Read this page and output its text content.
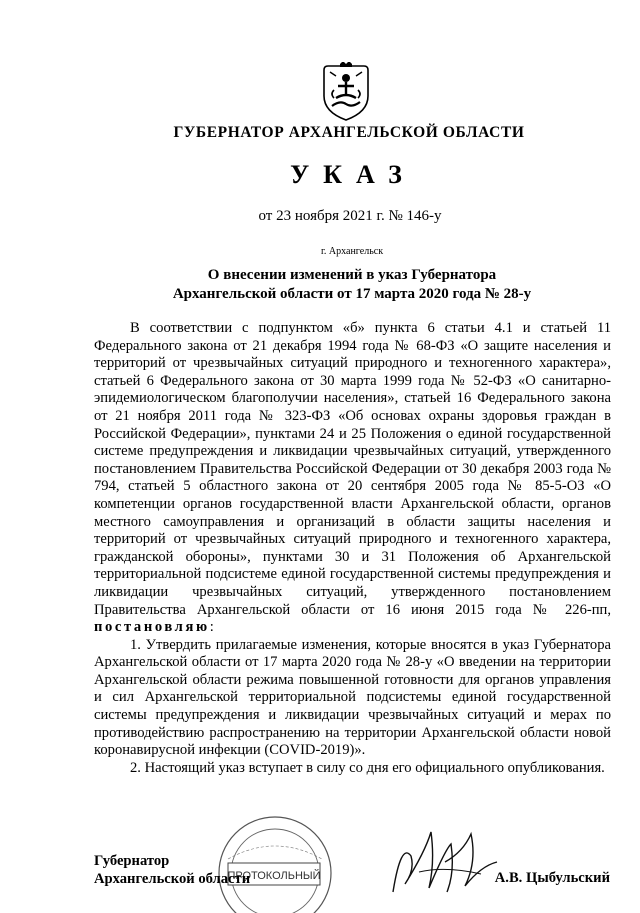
ГУБЕРНАТОР АРХАНГЕЛЬСКОЙ ОБЛАСТИ
УКАЗ
от 23 ноября 2021 г. № 146-у
г. Архангельск
О внесении изменений в указ Губернатора
Архангельской области от 17 марта 2020 года № 28-у

В соответствии с подпунктом «б» пункта 6 статьи 4.1 и статьей 11 Федерального закона от 21 декабря 1994 года № 68-ФЗ «О защите населения и территорий от чрезвычайных ситуаций природного и техногенного характера», статьей 6 Федерального закона от 30 марта 1999 года № 52-ФЗ «О санитарно-эпидемиологическом благополучии населения», статьей 16 Федерального закона от 21 ноября 2011 года № 323-ФЗ «Об основах охраны здоровья граждан в Российской Федерации», пунктами 24 и 25 Положения о единой государственной системе предупреждения и ликвидации чрезвычайных ситуаций, утвержденного постановлением Правительства Российской Федерации от 30 декабря 2003 года № 794, статьей 5 областного закона от 20 сентября 2005 года № 85-5-ОЗ «О компетенции органов государственной власти Архангельской области, органов местного самоуправления и организаций в области защиты населения и территорий от чрезвычайных ситуаций природного и техногенного характера, гражданской обороны», пунктами 30 и 31 Положения об Архангельской территориальной подсистеме единой государственной системы предупреждения и ликвидации чрезвычайных ситуаций, утвержденного постановлением Правительства Архангельской области от 16 июня 2015 года № 226-пп, постановляю:

1. Утвердить прилагаемые изменения, которые вносятся в указ Губернатора Архангельской области от 17 марта 2020 года № 28-у «О введении на территории Архангельской области режима повышенной готовности для органов управления и сил Архангельской территориальной подсистемы единой государственной системы предупреждения и ликвидации чрезвычайных ситуаций и мерах по противодействию распространению на территории Архангельской области новой коронавирусной инфекции (COVID-2019)».

2. Настоящий указ вступает в силу со дня его официального опубликования.

ПРОТОКОЛЬНЫЙ
Губернатор
Архангельской области	А.В. Цыбульский
